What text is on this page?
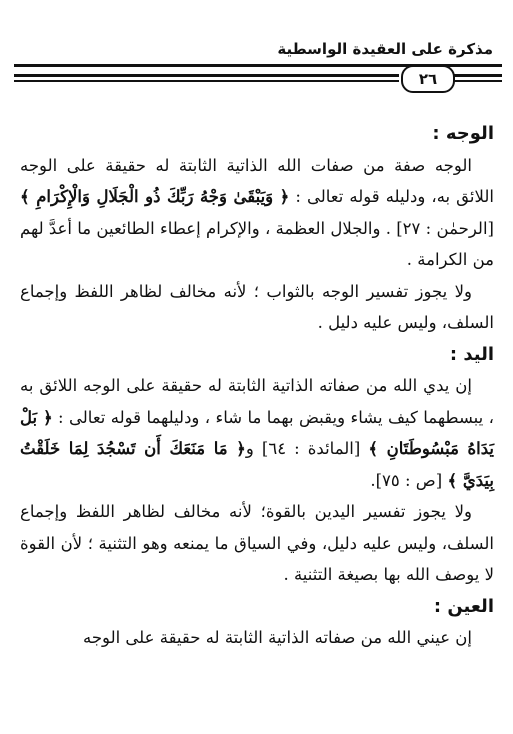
مذكرة على العقيدة الواسطية
٢٦

الوجه :

الوجه صفة من صفات الله الذاتية الثابتة له حقيقة على الوجه اللائق به، ودليله قوله تعالى : ﴿ وَيَبْقَىٰ وَجْهُ رَبِّكَ ذُو الْجَلَالِ وَالْإِكْرَامِ ﴾ [الرحمٰن : ٢٧] . والجلال العظمة ، والإكرام إعطاء الطائعين ما أعدَّ لهم من الكرامة .

ولا يجوز تفسير الوجه بالثواب ؛ لأنه مخالف لظاهر اللفظ وإجماع السلف، وليس عليه دليل .

اليد :

إن يدي الله من صفاته الذاتية الثابتة له حقيقة على الوجه اللائق به ، يبسطهما كيف يشاء ويقبض بهما ما شاء ، ودليلهما قوله تعالى : ﴿ بَلْ يَدَاهُ مَبْسُوطَتَانِ ﴾ [المائدة : ٦٤] و﴿ مَا مَنَعَكَ أَن تَسْجُدَ لِمَا خَلَقْتُ بِيَدَيَّ ﴾ [ص : ٧٥].

ولا يجوز تفسير اليدين بالقوة؛ لأنه مخالف لظاهر اللفظ وإجماع السلف، وليس عليه دليل، وفي السياق ما يمنعه وهو التثنية ؛ لأن القوة لا يوصف الله بها بصيغة التثنية .

العين :

إن عيني الله من صفاته الذاتية الثابتة له حقيقة على الوجه
